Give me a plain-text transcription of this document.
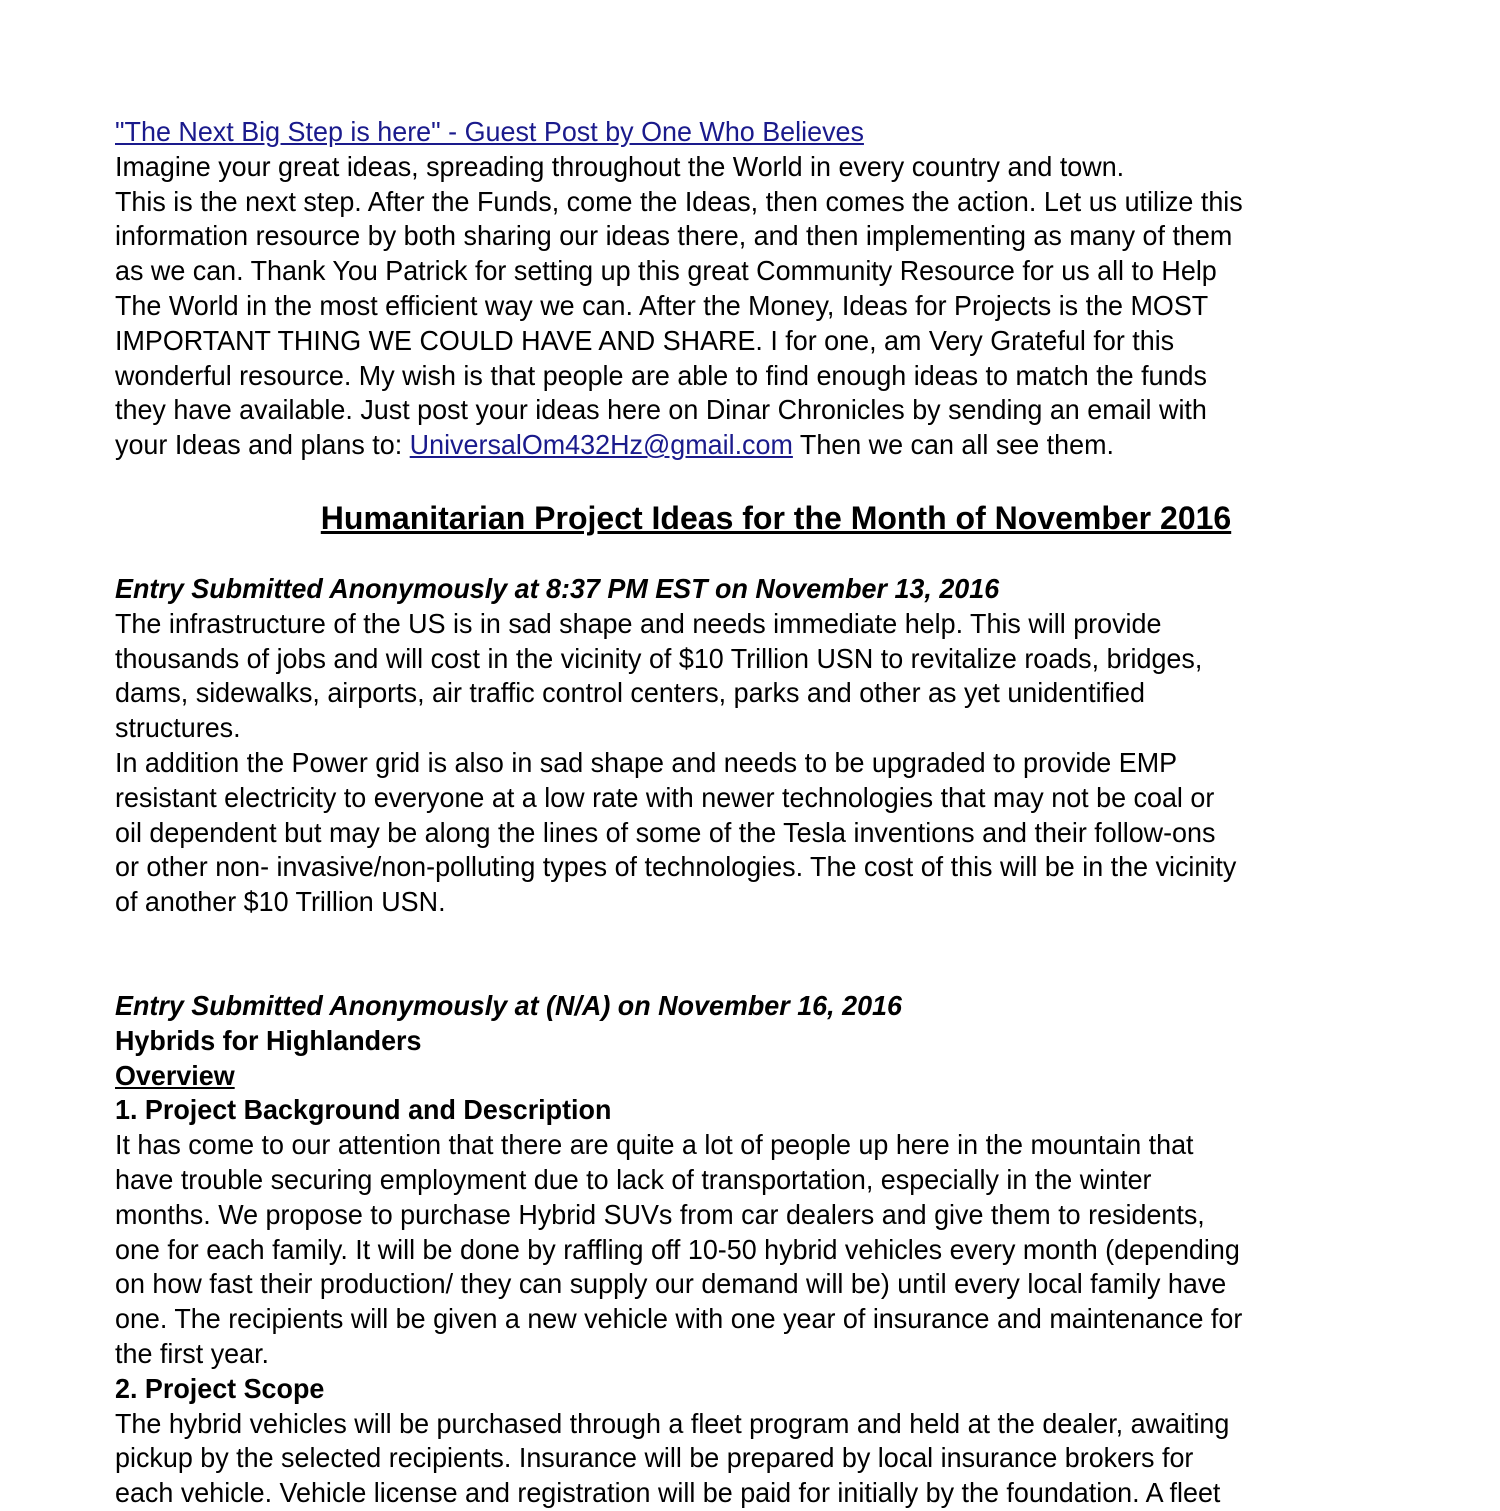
"The Next Big Step is here" - Guest Post by One Who Believes
Imagine your great ideas, spreading throughout the World in every country and town.
This is the next step. After the Funds, come the Ideas, then comes the action. Let us utilize this
information resource by both sharing our ideas there, and then implementing as many of them
as we can. Thank You Patrick for setting up this great Community Resource for us all to Help
The World in the most efficient way we can. After the Money, Ideas for Projects is the MOST
IMPORTANT THING WE COULD HAVE AND SHARE. I for one, am Very Grateful for this
wonderful resource. My wish is that people are able to find enough ideas to match the funds
they have available. Just post your ideas here on Dinar Chronicles by sending an email with
your Ideas and plans to: UniversalOm432Hz@gmail.com Then we can all see them.
Humanitarian Project Ideas for the Month of November 2016
Entry Submitted Anonymously at 8:37 PM EST on November 13, 2016
The infrastructure of the US is in sad shape and needs immediate help. This will provide
thousands of jobs and will cost in the vicinity of $10 Trillion USN to revitalize roads, bridges,
dams, sidewalks, airports, air traffic control centers, parks and other as yet unidentified
structures.
In addition the Power grid is also in sad shape and needs to be upgraded to provide EMP
resistant electricity to everyone at a low rate with newer technologies that may not be coal or
oil dependent but may be along the lines of some of the Tesla inventions and their follow-ons
or other non- invasive/non-polluting types of technologies. The cost of this will be in the vicinity
of another $10 Trillion USN.
Entry Submitted Anonymously at (N/A) on November 16, 2016
Hybrids for Highlanders
Overview
1. Project Background and Description
It has come to our attention that there are quite a lot of people up here in the mountain that
have trouble securing employment due to lack of transportation, especially in the winter
months. We propose to purchase Hybrid SUVs from car dealers and give them to residents,
one for each family. It will be done by raffling off 10-50 hybrid vehicles every month (depending
on how fast their production/ they can supply our demand will be) until every local family have
one. The recipients will be given a new vehicle with one year of insurance and maintenance for
the first year.
2. Project Scope
The hybrid vehicles will be purchased through a fleet program and held at the dealer, awaiting
pickup by the selected recipients. Insurance will be prepared by local insurance brokers for
each vehicle. Vehicle license and registration will be paid for initially by the foundation. A fleet
